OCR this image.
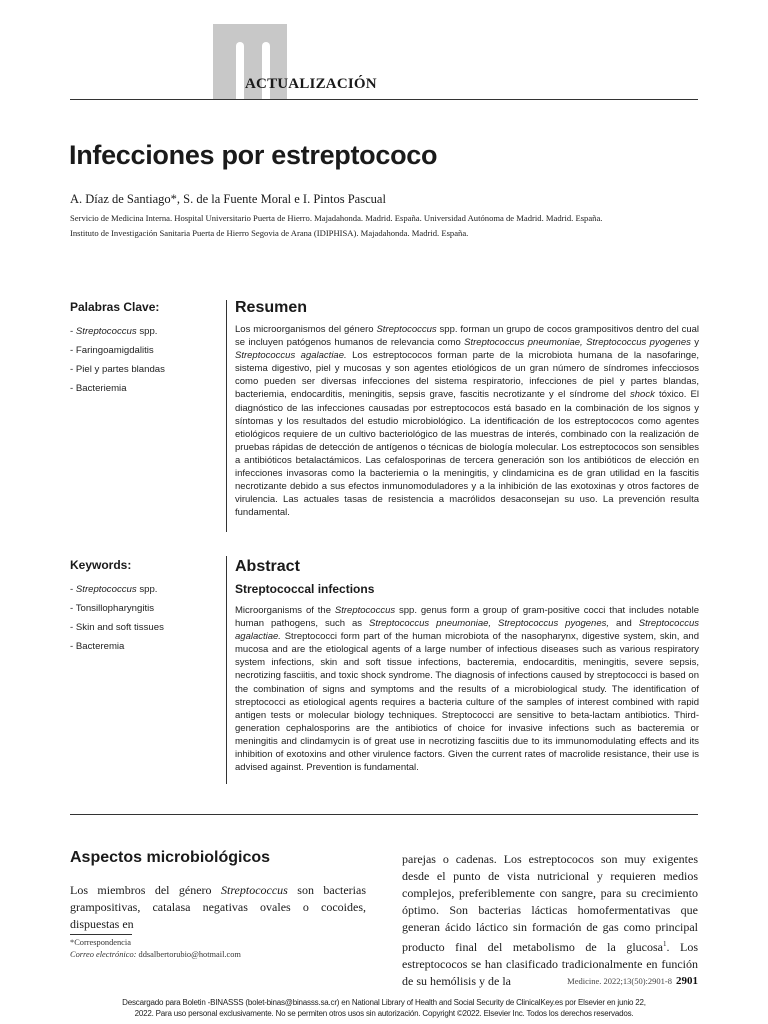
ACTUALIZACIÓN
Infecciones por estreptococo
A. Díaz de Santiago*, S. de la Fuente Moral e I. Pintos Pascual
Servicio de Medicina Interna. Hospital Universitario Puerta de Hierro. Majadahonda. Madrid. España. Universidad Autónoma de Madrid. Madrid. España.
Instituto de Investigación Sanitaria Puerta de Hierro Segovia de Arana (IDIPHISA). Majadahonda. Madrid. España.
Palabras Clave:
- Streptococcus spp.
- Faringoamigdalitis
- Piel y partes blandas
- Bacteriemia
Resumen

Los microorganismos del género Streptococcus spp. forman un grupo de cocos grampositivos dentro del cual se incluyen patógenos humanos de relevancia como Streptococcus pneumoniae, Streptococcus pyogenes y Streptococcus agalactiae. Los estreptococos forman parte de la microbiota humana de la nasofaringe, sistema digestivo, piel y mucosas y son agentes etiológicos de un gran número de síndromes infecciosos como pueden ser diversas infecciones del sistema respiratorio, infecciones de piel y partes blandas, bacteriemia, endocarditis, meningitis, sepsis grave, fascitis necrotizante y el síndrome del shock tóxico. El diagnóstico de las infecciones causadas por estreptococos está basado en la combinación de los signos y síntomas y los resultados del estudio microbiológico. La identificación de los estreptococos como agentes etiológicos requiere de un cultivo bacteriológico de las muestras de interés, combinado con la realización de pruebas rápidas de detección de antígenos o técnicas de biología molecular. Los estreptococos son sensibles a antibióticos betalactámicos. Las cefalosporinas de tercera generación son los antibióticos de elección en infecciones invasoras como la bacteriemia o la meningitis, y clindamicina es de gran utilidad en la fascitis necrotizante debido a sus efectos inmunomoduladores y a la inhibición de las exotoxinas y otros factores de virulencia. Las actuales tasas de resistencia a macrólidos desaconsejan su uso. La prevención resulta fundamental.

Keywords:
- Streptococcus spp.
- Tonsillopharyngitis
- Skin and soft tissues
- Bacteremia
Abstract
Streptococcal infections

Microorganisms of the Streptococcus spp. genus form a group of gram-positive cocci that includes notable human pathogens, such as Streptococcus pneumoniae, Streptococcus pyogenes, and Streptococcus agalactiae. Streptococci form part of the human microbiota of the nasopharynx, digestive system, skin, and mucosa and are the etiological agents of a large number of infectious diseases such as various respiratory system infections, skin and soft tissue infections, bacteremia, endocarditis, meningitis, severe sepsis, necrotizing fasciitis, and toxic shock syndrome. The diagnosis of infections caused by streptococci is based on the combination of signs and symptoms and the results of a microbiological study. The identification of streptococci as etiological agents requires a bacteria culture of the samples of interest combined with rapid antigen tests or molecular biology techniques. Streptococci are sensitive to beta-lactam antibiotics. Third-generation cephalosporins are the antibiotics of choice for invasive infections such as bacteremia or meningitis and clindamycin is of great use in necrotizing fasciitis due to its immunomodulating effects and its inhibition of exotoxins and other virulence factors. Given the current rates of macrolide resistance, their use is advised against. Prevention is fundamental.

Aspectos microbiológicos

Los miembros del género Streptococcus son bacterias grampositivas, catalasa negativas ovales o cocoides, dispuestas en

parejas o cadenas. Los estreptococos son muy exigentes desde el punto de vista nutricional y requieren medios complejos, preferiblemente con sangre, para su crecimiento óptimo. Son bacterias lácticas homofermentativas que generan ácido láctico sin formación de gas como principal producto final del metabolismo de la glucosa$^1$. Los estreptococos se han clasificado tradicionalmente en función de su hemólisis y de la

*Correspondencia
Correo electrónico: ddsalbertorubio@hotmail.com
Medicine. 2022;13(50):2901-8 2901
Descargado para Boletin -BINASSS (bolet-binas@binasss.sa.cr) en National Library of Health and Social Security de ClinicalKey.es por Elsevier en junio 22,
2022. Para uso personal exclusivamente. No se permiten otros usos sin autorización. Copyright ©2022. Elsevier Inc. Todos los derechos reservados.
